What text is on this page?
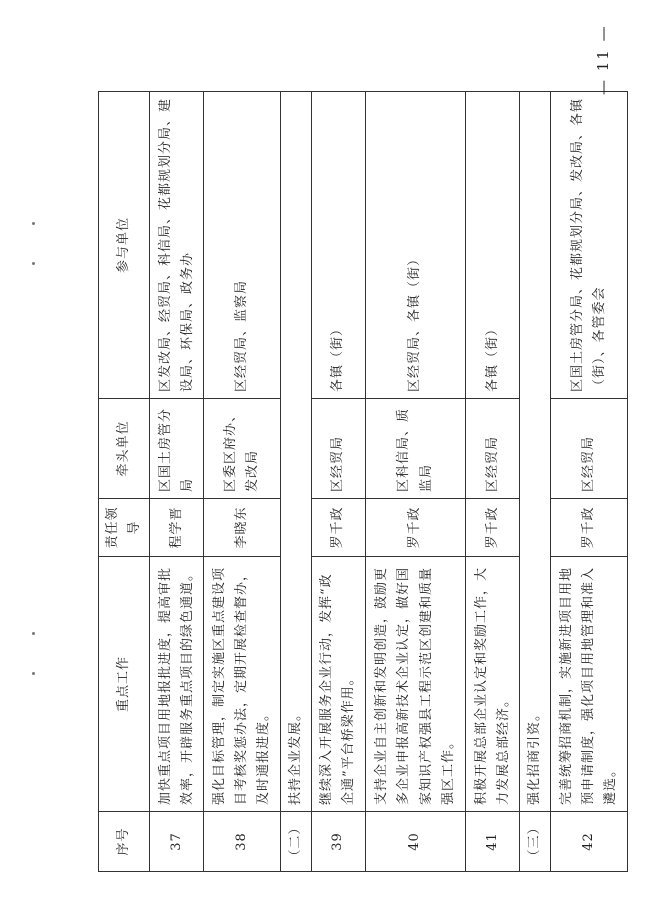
序号	重点工作	责任领导	牵头单位	参与单位
37	加快重点项目用地报批进度，提高审批效率，开辟服务重点项目的绿色通道。	程学晋	区国土房管分局	区发改局、经贸局、科信局、花都规划分局、建设局、环保局、政务办
38	强化目标管理，制定实施区重点建设项目考核奖惩办法，定期开展检查督办，及时通报进度。	李晓东	区委区府办、发改局	区经贸局、监察局
（二）	扶持企业发展。			
39	继续深入开展服务企业行动，发挥“政企通”平台桥梁作用。	罗千政	区经贸局	各镇（街）
40	支持企业自主创新和发明创造，鼓励更多企业申报高新技术企业认定，做好国家知识产权强县工程示范区创建和质量强区工作。	罗千政	区科信局、质监局	区经贸局、各镇（街）
41	积极开展总部企业认定和奖励工作，大力发展总部经济。	罗千政	区经贸局	各镇（街）
（三）	强化招商引资。			
42	完善统筹招商机制，实施新进项目用地预申请制度，强化项目用地管理和准入遴选。	罗千政	区经贸局	区国土房管分局、花都规划分局、发改局、各镇（街）、各管委会
— 11 —
